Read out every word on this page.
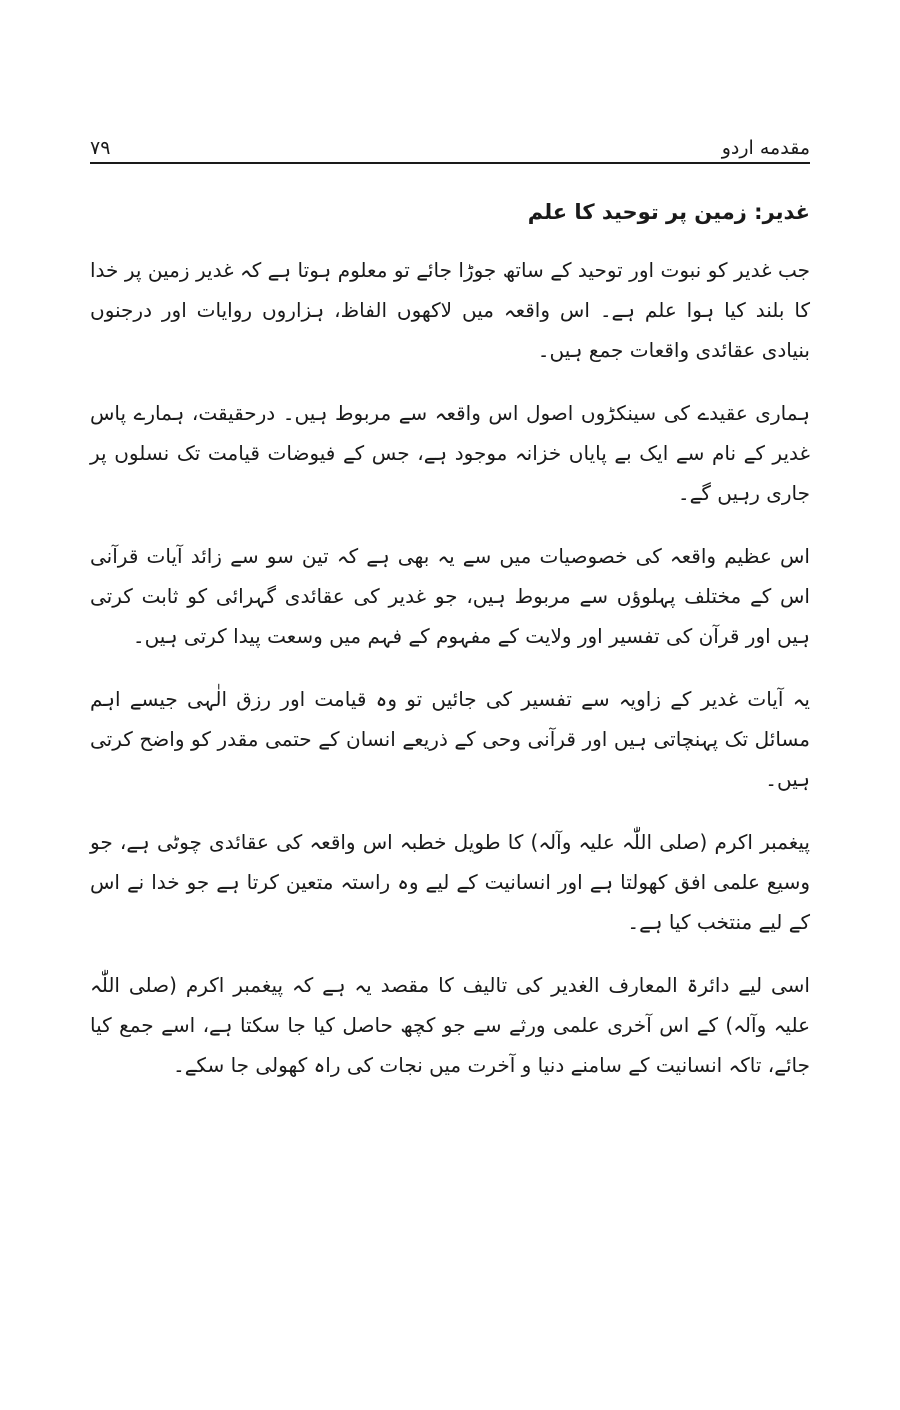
مقدمه اردو
۷۹
غدیر: زمین پر توحید کا علم

جب غدیر کو نبوت اور توحید کے ساتھ جوڑا جائے تو معلوم ہوتا ہے کہ غدیر زمین پر خدا کا بلند کیا ہوا علم ہے۔ اس واقعہ میں لاکھوں الفاظ، ہزاروں روایات اور درجنوں بنیادی عقائدی واقعات جمع ہیں۔

ہماری عقیدے کی سینکڑوں اصول اس واقعہ سے مربوط ہیں۔ درحقیقت، ہمارے پاس غدیر کے نام سے ایک بے پایاں خزانہ موجود ہے، جس کے فیوضات قیامت تک نسلوں پر جاری رہیں گے۔

اس عظیم واقعہ کی خصوصیات میں سے یہ بھی ہے کہ تین سو سے زائد آیات قرآنی اس کے مختلف پہلوؤں سے مربوط ہیں، جو غدیر کی عقائدی گہرائی کو ثابت کرتی ہیں اور قرآن کی تفسیر اور ولایت کے مفہوم کے فہم میں وسعت پیدا کرتی ہیں۔

یہ آیات غدیر کے زاویہ سے تفسیر کی جائیں تو وہ قیامت اور رزق الٰہی جیسے اہم مسائل تک پہنچاتی ہیں اور قرآنی وحی کے ذریعے انسان کے حتمی مقدر کو واضح کرتی ہیں۔

پیغمبر اکرم (صلی اللّٰہ علیہ وآلہ) کا طویل خطبہ اس واقعہ کی عقائدی چوٹی ہے، جو وسیع علمی افق کھولتا ہے اور انسانیت کے لیے وہ راستہ متعین کرتا ہے جو خدا نے اس کے لیے منتخب کیا ہے۔

اسی لیے دائرۃ المعارف الغدیر کی تالیف کا مقصد یہ ہے کہ پیغمبر اکرم (صلی اللّٰہ علیہ وآلہ) کے اس آخری علمی ورثے سے جو کچھ حاصل کیا جا سکتا ہے، اسے جمع کیا جائے، تاکہ انسانیت کے سامنے دنیا و آخرت میں نجات کی راہ کھولی جا سکے۔
